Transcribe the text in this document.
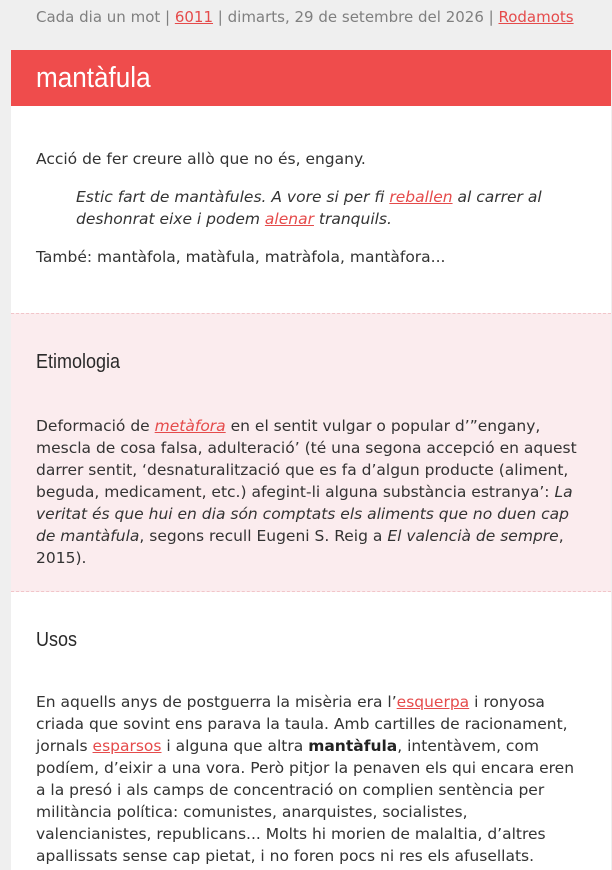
Cada dia un mot | 6011 | dimarts, 29 de setembre del 2026 | Rodamots
mantàfula

Acció de fer creure allò que no és, engany.

Estic fart de mantàfules. A vore si per fi reballen al carrer al deshonrat eixe i podem alenar tranquils.

També: mantàfola, matàfula, matràfola, mantàfora...

Etimologia

Deformació de metàfora en el sentit vulgar o popular d’”engany, mescla de cosa falsa, adulteració’ (té una segona accepció en aquest darrer sentit, ‘desnaturalització que es fa d’algun producte (aliment, beguda, medicament, etc.) afegint-li alguna substància estranya’: La veritat és que hui en dia són comptats els aliments que no duen cap de mantàfula, segons recull Eugeni S. Reig a El valencià de sempre, 2015).

Usos

En aquells anys de postguerra la misèria era l’esquerpa i ronyosa criada que sovint ens parava la taula. Amb cartilles de racionament, jornals esparsos i alguna que altra mantàfula, intentàvem, com podíem, d’eixir a una vora. Però pitjor la penaven els qui encara eren a la presó i als camps de concentració on complien sentència per militància política: comunistes, anarquistes, socialistes, valencianistes, republicans... Molts hi morien de malaltia, d’altres apallissats sense cap pietat, i no foren pocs ni res els afusellats.
